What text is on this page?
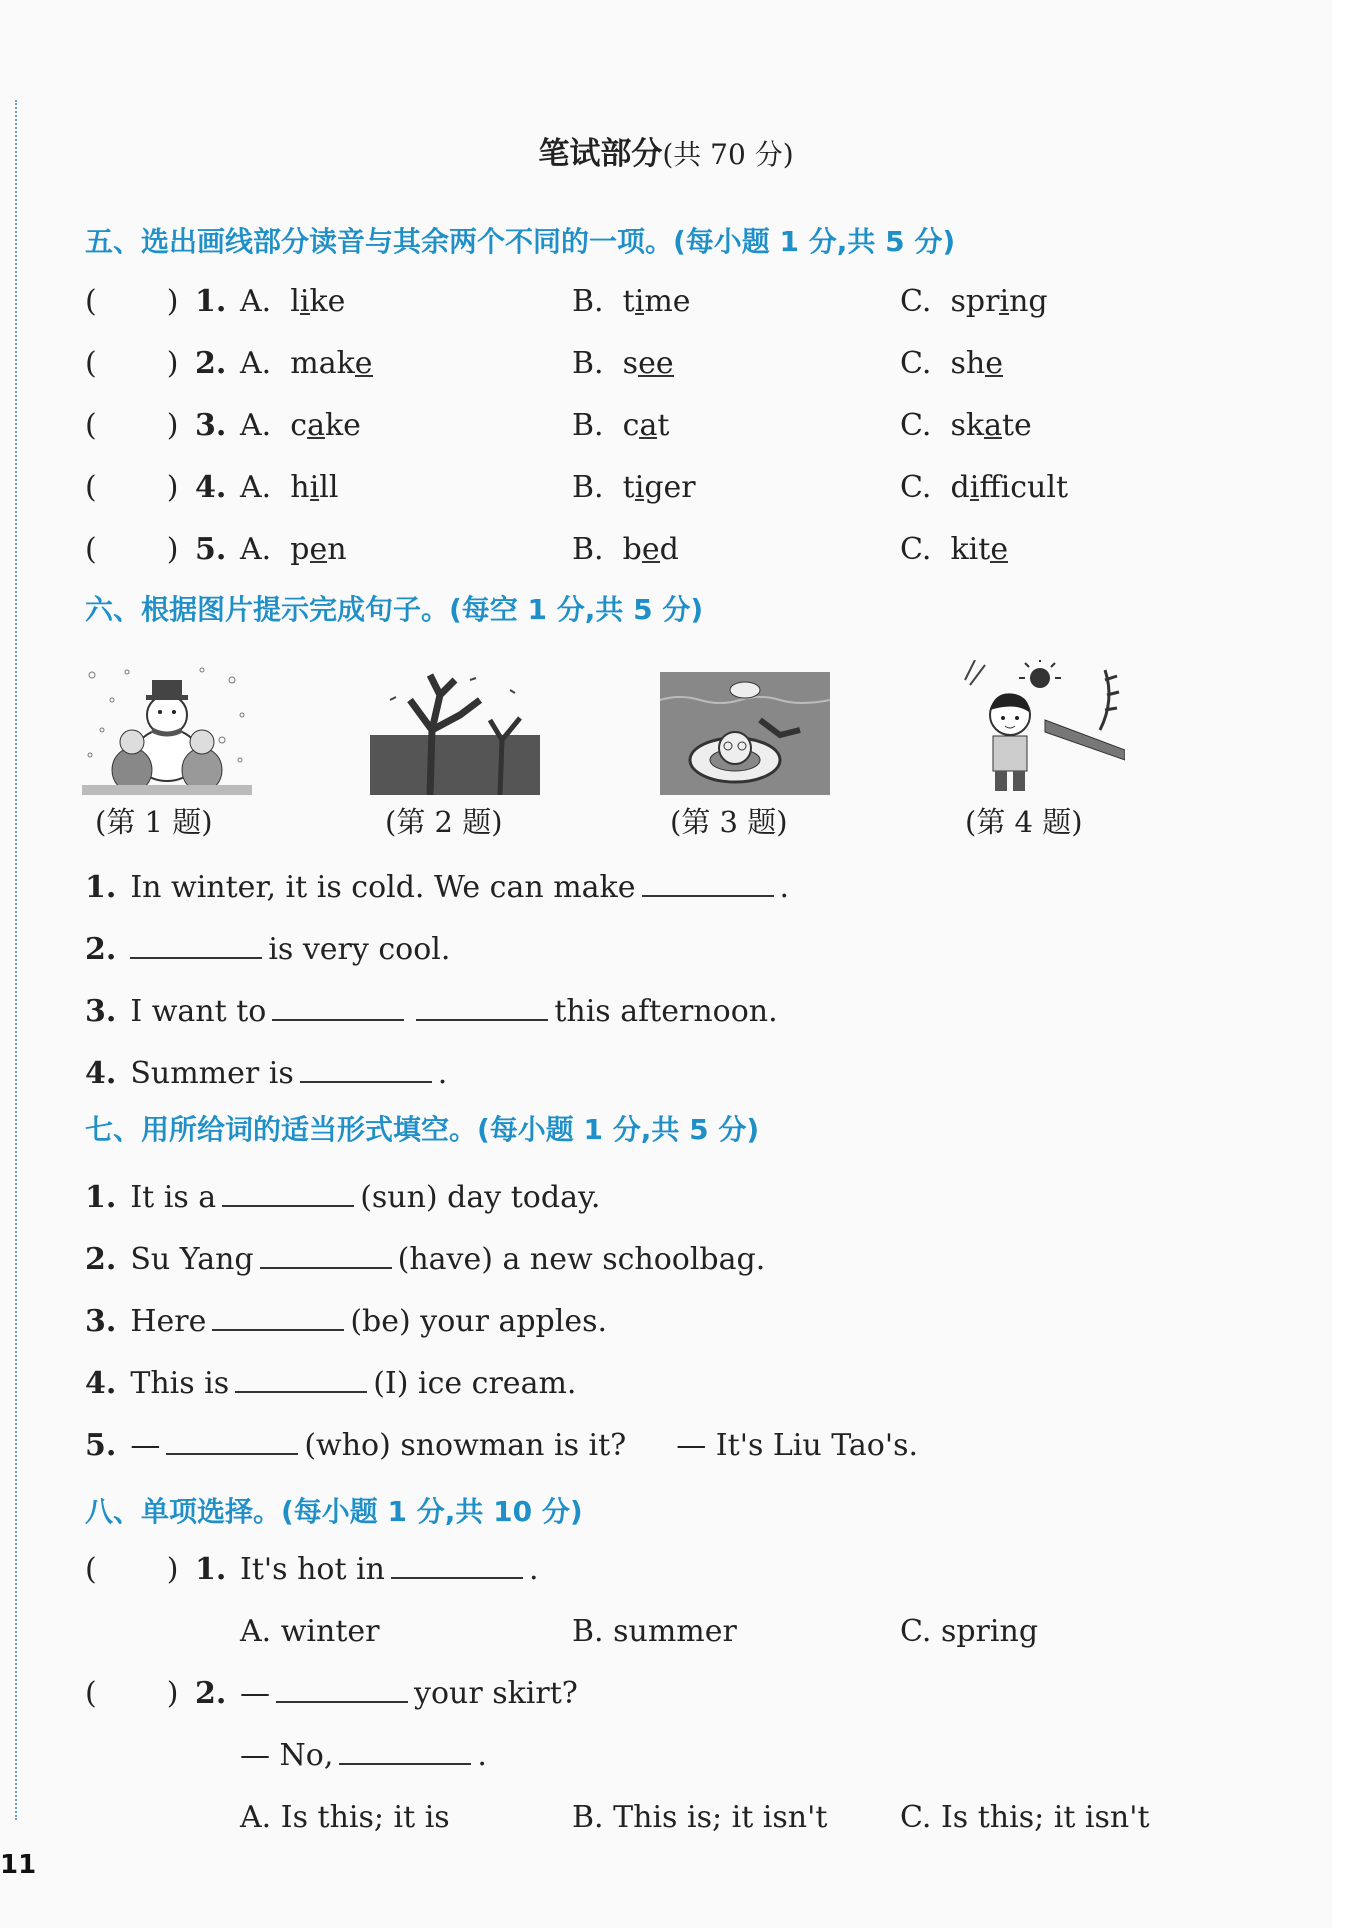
11
笔试部分(共 70 分)
五、选出画线部分读音与其余两个不同的一项。(每小题 1 分,共 5 分)
( ) 1. A. like	B. time	C. spring
( ) 2. A. make	B. see	C. she
( ) 3. A. cake	B. cat	C. skate
( ) 4. A. hill	B. tiger	C. difficult
( ) 5. A. pen	B. bed	C. kite
六、根据图片提示完成句子。(每空 1 分,共 5 分)
(第 1 题)	(第 2 题)	(第 3 题)	(第 4 题)
1. In winter, it is cold. We can make	.
2.	is very cool.
3. I want to	this afternoon.
4. Summer is	.
七、用所给词的适当形式填空。(每小题 1 分,共 5 分)
1. It is a	(sun) day today.
2. Su Yang	(have) a new schoolbag.
3. Here	(be) your apples.
4. This is	(I) ice cream.
5. —	(who) snowman is it? — It's Liu Tao's.
八、单项选择。(每小题 1 分,共 10 分)
( ) 1. It's hot in	.
A. winter	B. summer	C. spring
( ) 2. —	your skirt?
— No,	.
A. Is this; it is	B. This is; it isn't C. Is this; it isn't
